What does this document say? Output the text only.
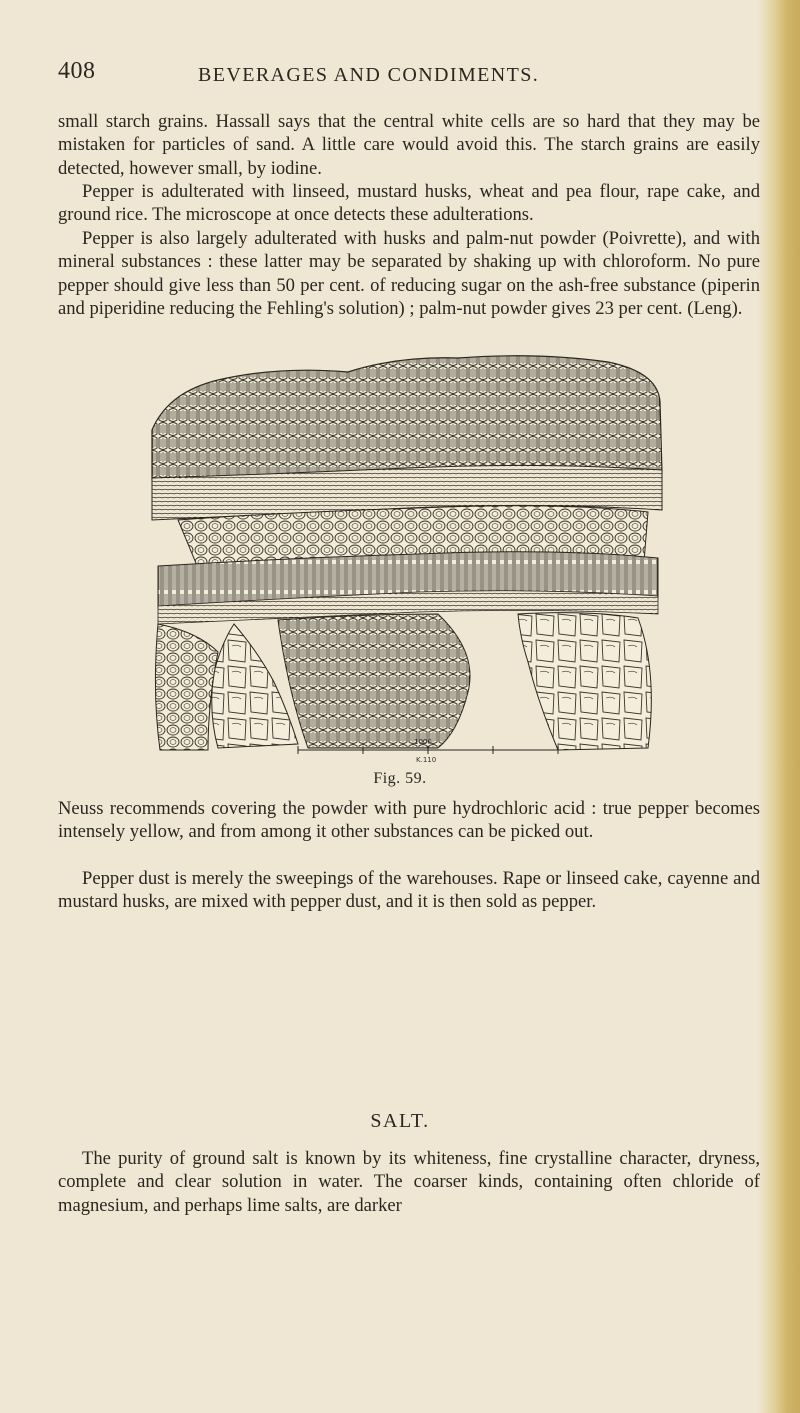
408	BEVERAGES AND CONDIMENTS.

small starch grains. Hassall says that the central white cells are so hard that they may be mistaken for particles of sand. A little care would avoid this. The starch grains are easily detected, however small, by iodine.

Pepper is adulterated with linseed, mustard husks, wheat and pea flour, rape cake, and ground rice. The microscope at once detects these adulterations.

Pepper is also largely adulterated with husks and palm-nut powder (Poivrette), and with mineral substances : these latter may be separated by shaking up with chloroform. No pure pepper should give less than 50 per cent. of reducing sugar on the ash-free substance (piperin and piperidine reducing the Fehling's solution) ; palm-nut powder gives 23 per cent. (Leng).

1000
K.110
Fig. 59.

Neuss recommends covering the powder with pure hydrochloric acid : true pepper becomes intensely yellow, and from among it other substances can be picked out.

Pepper dust is merely the sweepings of the warehouses. Rape or linseed cake, cayenne and mustard husks, are mixed with pepper dust, and it is then sold as pepper.

SALT.

The purity of ground salt is known by its whiteness, fine crystalline character, dryness, complete and clear solution in water. The coarser kinds, containing often chloride of magnesium, and perhaps lime salts, are darker
